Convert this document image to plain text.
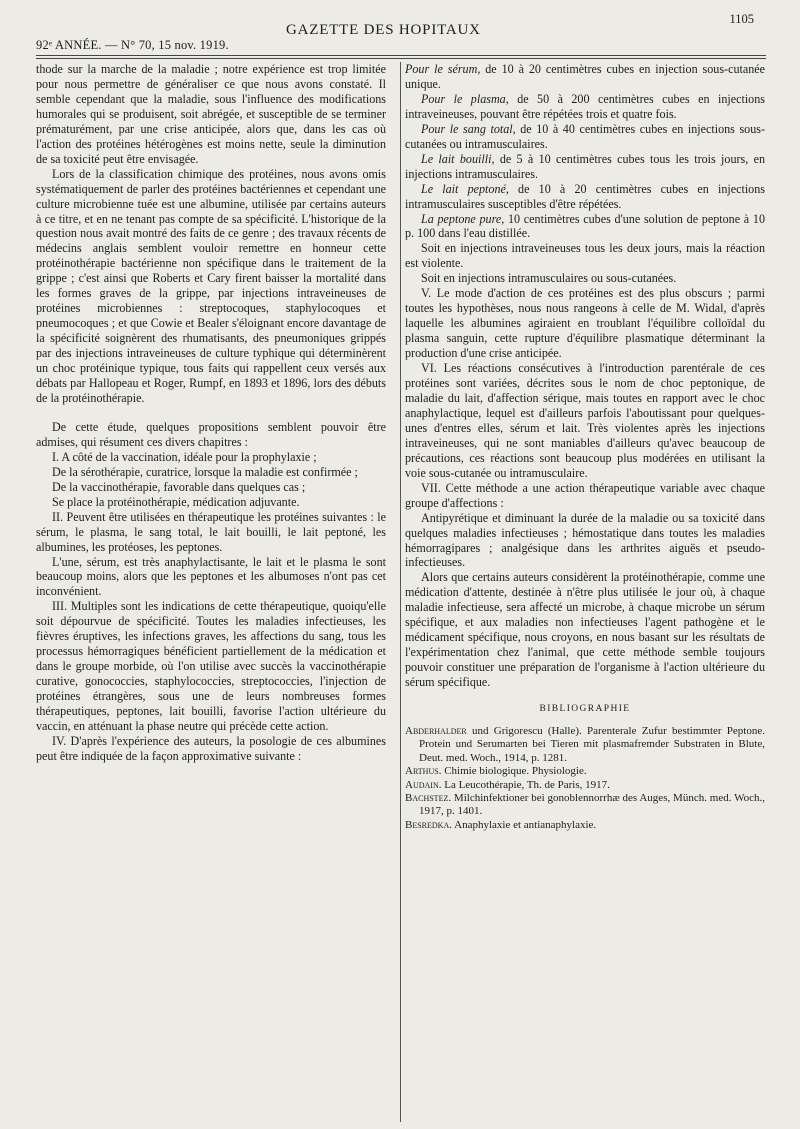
92ᵉ ANNÉE. — N° 70, 15 nov. 1919.
GAZETTE DES HOPITAUX
1105

thode sur la marche de la maladie ; notre expérience est trop limitée pour nous permettre de généraliser ce que nous avons constaté. Il semble cependant que la maladie, sous l'influence des modifications humorales qui se produisent, soit abrégée, et susceptible de se terminer prématurément, par une crise anticipée, alors que, dans les cas où l'action des protéines hétérogènes est moins nette, seule la diminution de sa toxicité peut être envisagée.

Lors de la classification chimique des protéines, nous avons omis systématiquement de parler des protéines bactériennes et cependant une culture microbienne tuée est une albumine, utilisée par certains auteurs à ce titre, et en ne tenant pas compte de sa spécificité. L'historique de la question nous avait montré des faits de ce genre ; des travaux récents de médecins anglais semblent vouloir remettre en honneur cette protéinothérapie bactérienne non spécifique dans le traitement de la grippe ; c'est ainsi que Roberts et Cary firent baisser la mortalité dans les formes graves de la grippe, par injections intraveineuses de protéines microbiennes : streptocoques, staphylocoques et pneumocoques ; et que Cowie et Bealer s'éloignant encore davantage de la spécificité soignèrent des rhumatisants, des pneumoniques grippés par des injections intraveineuses de culture typhique qui déterminèrent un choc protéinique typique, tous faits qui rappellent ceux versés aux débats par Hallopeau et Roger, Rumpf, en 1893 et 1896, lors des débuts de la protéinothérapie.

De cette étude, quelques propositions semblent pouvoir être admises, qui résument ces divers chapitres :

I. A côté de la vaccination, idéale pour la prophylaxie ;

De la sérothérapie, curatrice, lorsque la maladie est confirmée ;

De la vaccinothérapie, favorable dans quelques cas ;

Se place la protéinothérapie, médication adjuvante.

II. Peuvent être utilisées en thérapeutique les protéines suivantes : le sérum, le plasma, le sang total, le lait bouilli, le lait peptoné, les albumines, les protéoses, les peptones.

L'une, sérum, est très anaphylactisante, le lait et le plasma le sont beaucoup moins, alors que les peptones et les albumoses n'ont pas cet inconvénient.

III. Multiples sont les indications de cette thérapeutique, quoiqu'elle soit dépourvue de spécificité. Toutes les maladies infectieuses, les fièvres éruptives, les infections graves, les affections du sang, tous les processus hémorragiques bénéficient partiellement de la médication et dans le groupe morbide, où l'on utilise avec succès la vaccinothérapie curative, gonococcies, staphylococcies, streptococcies, l'injection de protéines étrangères, sous une de leurs nombreuses formes thérapeutiques, peptones, lait bouilli, favorise l'action ultérieure du vaccin, en atténuant la phase neutre qui précède cette action.

IV. D'après l'expérience des auteurs, la posologie de ces albumines peut être indiquée de la façon approximative suivante :

Pour le sérum, de 10 à 20 centimètres cubes en injection sous-cutanée unique.

Pour le plasma, de 50 à 200 centimètres cubes en injections intraveineuses, pouvant être répétées trois et quatre fois.

Pour le sang total, de 10 à 40 centimètres cubes en injections sous-cutanées ou intramusculaires.

Le lait bouilli, de 5 à 10 centimètres cubes tous les trois jours, en injections intramusculaires.

Le lait peptoné, de 10 à 20 centimètres cubes en injections intramusculaires susceptibles d'être répétées.

La peptone pure, 10 centimètres cubes d'une solution de peptone à 10 p. 100 dans l'eau distillée.

Soit en injections intraveineuses tous les deux jours, mais la réaction est violente.

Soit en injections intramusculaires ou sous-cutanées.

V. Le mode d'action de ces protéines est des plus obscurs ; parmi toutes les hypothèses, nous nous rangeons à celle de M. Widal, d'après laquelle les albumines agiraient en troublant l'équilibre colloïdal du plasma sanguin, cette rupture d'équilibre plasmatique déterminant la production d'une crise anticipée.

VI. Les réactions consécutives à l'introduction parentérale de ces protéines sont variées, décrites sous le nom de choc peptonique, de maladie du lait, d'affection sérique, mais toutes en rapport avec le choc anaphylactique, lequel est d'ailleurs parfois l'aboutissant pour quelques-unes d'entres elles, sérum et lait. Très violentes après les injections intraveineuses, qui ne sont maniables d'ailleurs qu'avec beaucoup de précautions, ces réactions sont beaucoup plus modérées en utilisant la voie sous-cutanée ou intramusculaire.

VII. Cette méthode a une action thérapeutique variable avec chaque groupe d'affections :

Antipyrétique et diminuant la durée de la maladie ou sa toxicité dans quelques maladies infectieuses ; hémostatique dans toutes les maladies hémorragipares ; analgésique dans les arthrites aiguës et pseudo-infectieuses.

Alors que certains auteurs considèrent la protéinothérapie, comme une médication d'attente, destinée à n'être plus utilisée le jour où, à chaque maladie infectieuse, sera affecté un microbe, à chaque microbe un sérum spécifique, et aux maladies non infectieuses l'agent pathogène et le médicament spécifique, nous croyons, en nous basant sur les résultats de l'expérimentation chez l'animal, que cette méthode semble toujours pouvoir constituer une préparation de l'organisme à l'action ultérieure du sérum spécifique.

BIBLIOGRAPHIE

Abderhalder und Grigorescu (Halle). Parenterale Zufur bestimmter Peptone. Protein und Serumarten bei Tieren mit plasmafremder Substraten in Blute, Deut. med. Woch., 1914, p. 1281.

Arthus. Chimie biologique. Physiologie.

Audain. La Leucothérapie, Th. de Paris, 1917.

Bachstez. Milchinfektioner bei gonoblennorrhæ des Auges, Münch. med. Woch., 1917, p. 1401.

Besredka. Anaphylaxie et antianaphylaxie.
